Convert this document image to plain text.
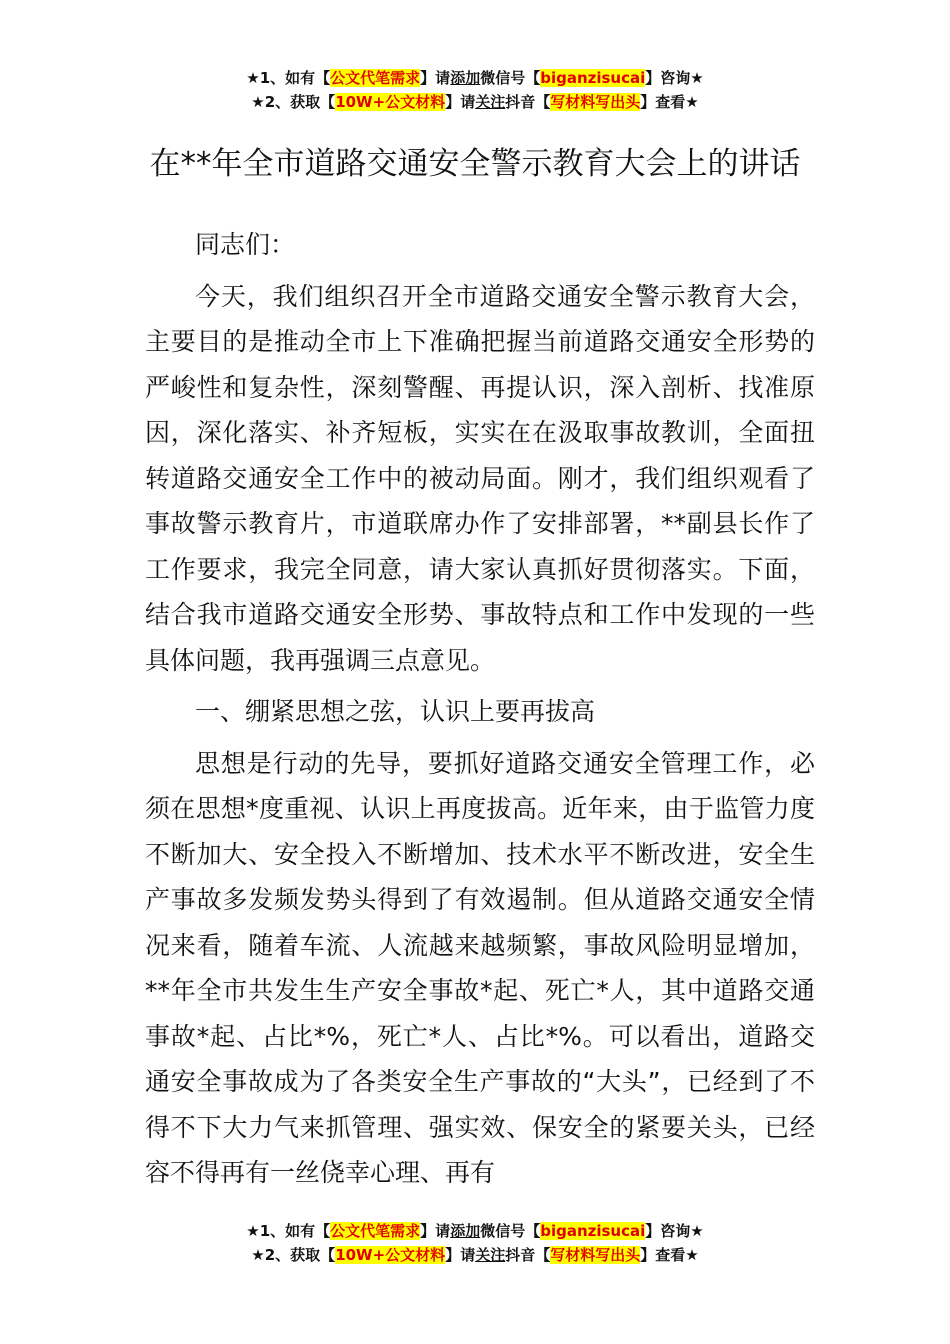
★1、如有【公文代笔需求】请添加微信号【biganzisucai】咨询★
★2、获取【10W+公文材料】请关注抖音【写材料写出头】查看★
在**年全市道路交通安全警示教育大会上的讲话

同志们：

今天，我们组织召开全市道路交通安全警示教育大会，主要目的是推动全市上下准确把握当前道路交通安全形势的严峻性和复杂性，深刻警醒、再提认识，深入剖析、找准原因，深化落实、补齐短板，实实在在汲取事故教训，全面扭转道路交通安全工作中的被动局面。刚才，我们组织观看了事故警示教育片，市道联席办作了安排部署，**副县长作了工作要求，我完全同意，请大家认真抓好贯彻落实。下面，结合我市道路交通安全形势、事故特点和工作中发现的一些具体问题，我再强调三点意见。

一、绷紧思想之弦，认识上要再拔高

思想是行动的先导，要抓好道路交通安全管理工作，必须在思想*度重视、认识上再度拔高。近年来，由于监管力度不断加大、安全投入不断增加、技术水平不断改进，安全生产事故多发频发势头得到了有效遏制。但从道路交通安全情况来看，随着车流、人流越来越频繁，事故风险明显增加，**年全市共发生生产安全事故*起、死亡*人，其中道路交通事故*起、占比*%，死亡*人、占比*%。可以看出，道路交通安全事故成为了各类安全生产事故的“大头”，已经到了不得不下大力气来抓管理、强实效、保安全的紧要关头，已经容不得再有一丝侥幸心理、再有

★1、如有【公文代笔需求】请添加微信号【biganzisucai】咨询★
★2、获取【10W+公文材料】请关注抖音【写材料写出头】查看★
